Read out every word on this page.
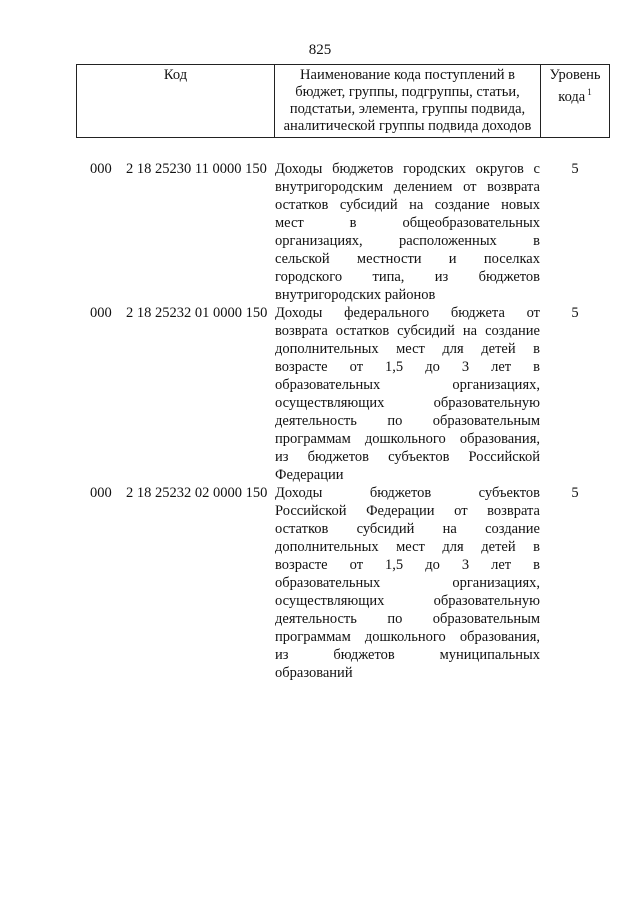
825
Код	Наименование кода поступлений в
бюджет, группы, подгруппы, статьи,
подстатьи, элемента, группы подвида,
аналитической группы подвида доходов
Уровень
кода $^1$
000 2 18 25230 11 0000 150 Доходы бюджетов городских округов с
внутригородским делением от возврата
остатков субсидий на создание новых
мест в общеобразовательных
организациях, расположенных в
сельской местности и поселках
городского типа, из бюджетов
внутригородских районов
5
000 2 18 25232 01 0000 150 Доходы федерального бюджета от
возврата остатков субсидий на создание
дополнительных мест для детей в
возрасте от 1,5 до 3 лет в
образовательных организациях,
осуществляющих образовательную
деятельность по образовательным
программам дошкольного образования,
из бюджетов субъектов Российской
Федерации
5
000 2 18 25232 02 0000 150 Доходы бюджетов субъектов
Российской Федерации от возврата
остатков субсидий на создание
дополнительных мест для детей в
возрасте от 1,5 до 3 лет в
образовательных организациях,
осуществляющих образовательную
деятельность по образовательным
программам дошкольного образования,
из бюджетов муниципальных
образований
5
